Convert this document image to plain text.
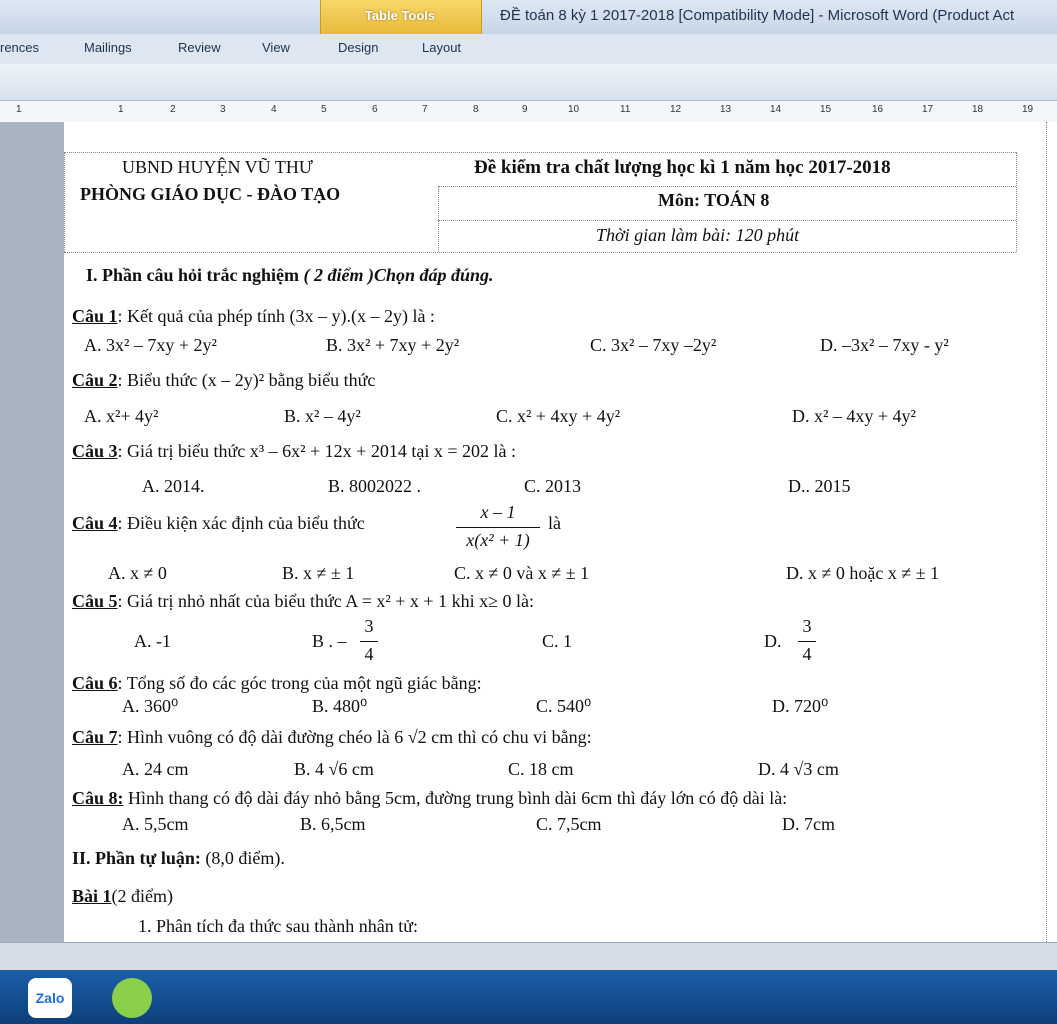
Table Tools	ĐỀ toán 8 kỳ 1 2017-2018 [Compatibility Mode] - Microsoft Word (Product Act
rences	Mailings	Review	View	Design	Layout
1	1	2	3	4	5	6	7	8	9	10	11	12	13	14	15	16	17	18	19
UBND HUYỆN VŨ THƯ
PHÒNG GIÁO DỤC - ĐÀO TẠO
Đề kiểm tra chất lượng học kì 1 năm học 2017-2018
Môn: TOÁN 8
Thời gian làm bài: 120 phút
I. Phần câu hỏi trắc nghiệm ( 2 điểm )Chọn đáp đúng.
Câu 1: Kết quả của phép tính (3x – y).(x – 2y) là :
A. 3x² – 7xy + 2y²	B. 3x² + 7xy + 2y²	C. 3x² – 7xy –2y²	D. –3x² – 7xy - y²
Câu 2: Biểu thức (x – 2y)² bằng biểu thức
A. x²+ 4y²	B. x² – 4y²	C. x² + 4xy + 4y²	D. x² – 4xy + 4y²
Câu 3: Giá trị biểu thức x³ – 6x² + 12x + 2014 tại x = 202 là :
A. 2014.	B. 8002022 .	C. 2013	D.. 2015
Câu 4: Điều kiện xác định của biểu thức
x – 1
x(x² + 1)
là
A. x ≠ 0	B. x ≠ ± 1	C. x ≠ 0 và x ≠ ± 1	D. x ≠ 0 hoặc x ≠ ± 1
Câu 5: Giá trị nhỏ nhất của biểu thức A = x² + x + 1 khi x≥ 0 là:
A. -1	B . –
3
4
C. 1	D.
3
4
Câu 6: Tổng số đo các góc trong của một ngũ giác bằng:
A. 360⁰	B. 480⁰	C. 540⁰	D. 720⁰
Câu 7: Hình vuông có độ dài đường chéo là 6 √2 cm thì có chu vi bằng:
A. 24 cm	B. 4 √6 cm	C. 18 cm	D. 4 √3 cm
Câu 8: Hình thang có độ dài đáy nhỏ bằng 5cm, đường trung bình dài 6cm thì đáy lớn có độ dài là:
A. 5,5cm	B. 6,5cm	C. 7,5cm	D. 7cm
II. Phần tự luận: (8,0 điểm).
Bài 1(2 điểm)
1. Phân tích đa thức sau thành nhân tử:
Zalo
